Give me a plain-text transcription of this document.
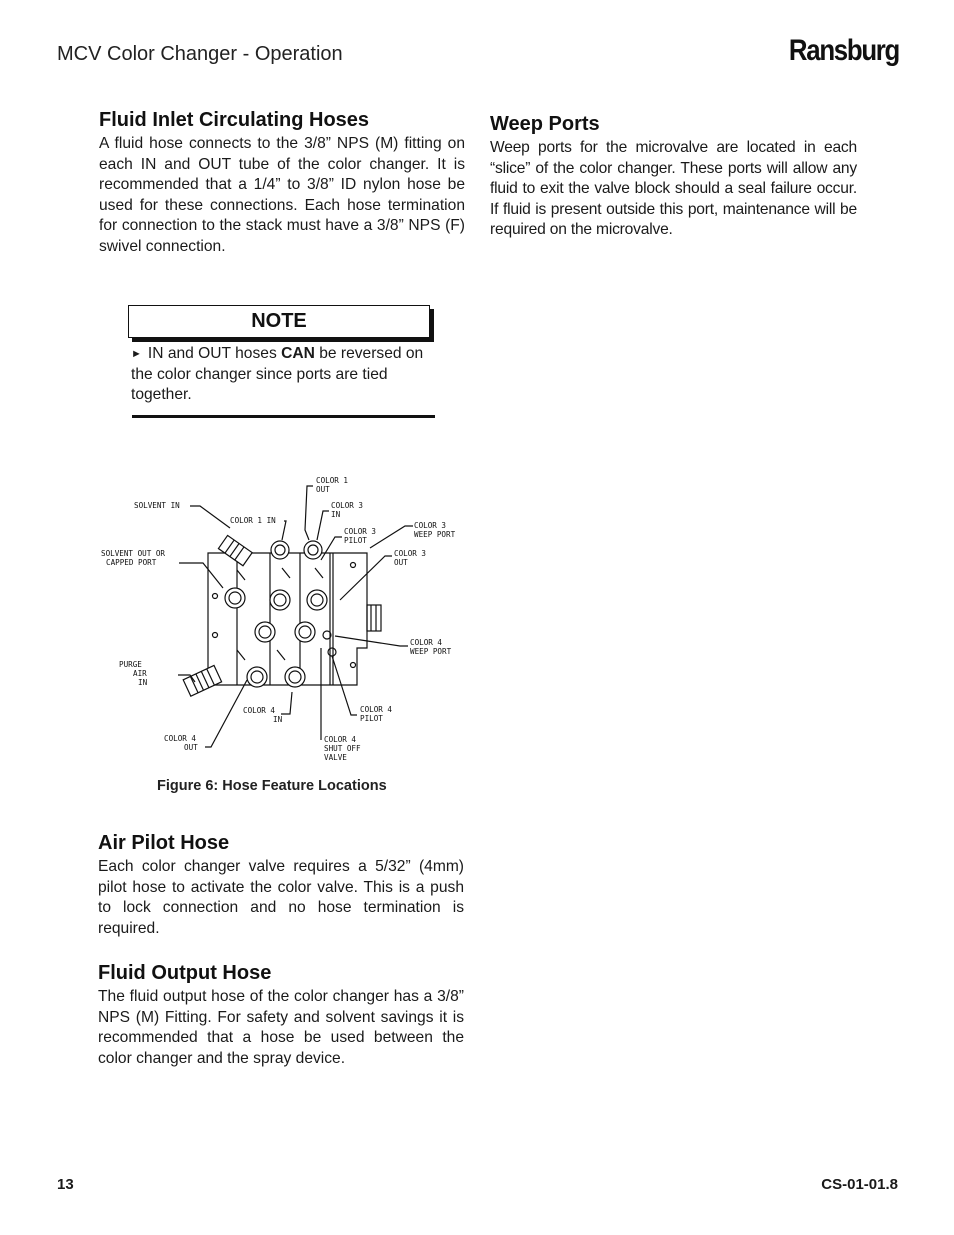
MCV Color Changer - Operation	Ransburg
Fluid Inlet Circulating Hoses

A fluid hose connects to the 3/8” NPS (M) fitting on each IN and OUT tube of the color changer. It is recommended that a 1/4” to 3/8” ID nylon hose be used for these connections. Each hose termination for connection to the stack must have a 3/8” NPS (F) swivel connection.

Weep Ports

Weep ports for the microvalve are located in each “slice” of the color changer. These ports will allow any fluid to exit the valve block should a seal failure occur. If fluid is present outside this port, maintenance will be required on the microvalve.

NOTE
► IN and OUT hoses CAN be reversed on the color changer since ports are tied together.
SOLVENT IN
SOLVENT OUT OR
CAPPED PORT
PURGE
AIR
IN
COLOR 1
OUT
COLOR 3
IN
COLOR 1 IN
COLOR 3
PILOT
COLOR 3
WEEP PORT
COLOR 3
OUT
COLOR 4
WEEP PORT
COLOR 4
IN
COLOR 4
PILOT
COLOR 4
OUT
COLOR 4
SHUT OFF
VALVE
Figure 6: Hose Feature Locations
Air Pilot Hose

Each color changer valve requires a 5/32” (4mm) pilot hose to activate the color valve. This is a push to lock connection and no hose termination is required.

Fluid Output Hose

The fluid output hose of the color changer has a 3/8” NPS (M) Fitting. For safety and solvent savings it is recommended that a hose be used between the color changer and the spray device.

13	CS-01-01.8
